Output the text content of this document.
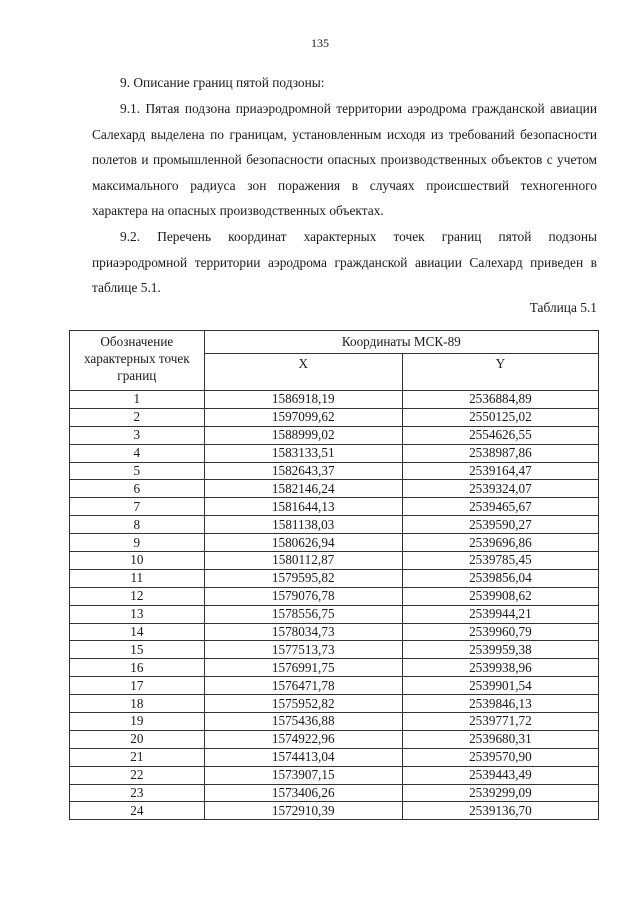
135
9. Описание границ пятой подзоны:
9.1. Пятая подзона приаэродромной территории аэродрома гражданской авиации Салехард выделена по границам, установленным исходя из требований безопасности полетов и промышленной безопасности опасных производственных объектов с учетом максимального радиуса зон поражения в случаях происшествий техногенного характера на опасных производственных объектах.
9.2. Перечень координат характерных точек границ пятой подзоны
приаэродромной территории аэродрома гражданской авиации Салехард приведен в
таблице 5.1.
Таблица 5.1
Обозначение характерных точек границ	Координаты МСК-89	
	X	Y
1	1586918,19	2536884,89
2	1597099,62	2550125,02
3	1588999,02	2554626,55
4	1583133,51	2538987,86
5	1582643,37	2539164,47
6	1582146,24	2539324,07
7	1581644,13	2539465,67
8	1581138,03	2539590,27
9	1580626,94	2539696,86
10	1580112,87	2539785,45
11	1579595,82	2539856,04
12	1579076,78	2539908,62
13	1578556,75	2539944,21
14	1578034,73	2539960,79
15	1577513,73	2539959,38
16	1576991,75	2539938,96
17	1576471,78	2539901,54
18	1575952,82	2539846,13
19	1575436,88	2539771,72
20	1574922,96	2539680,31
21	1574413,04	2539570,90
22	1573907,15	2539443,49
23	1573406,26	2539299,09
24	1572910,39	2539136,70
